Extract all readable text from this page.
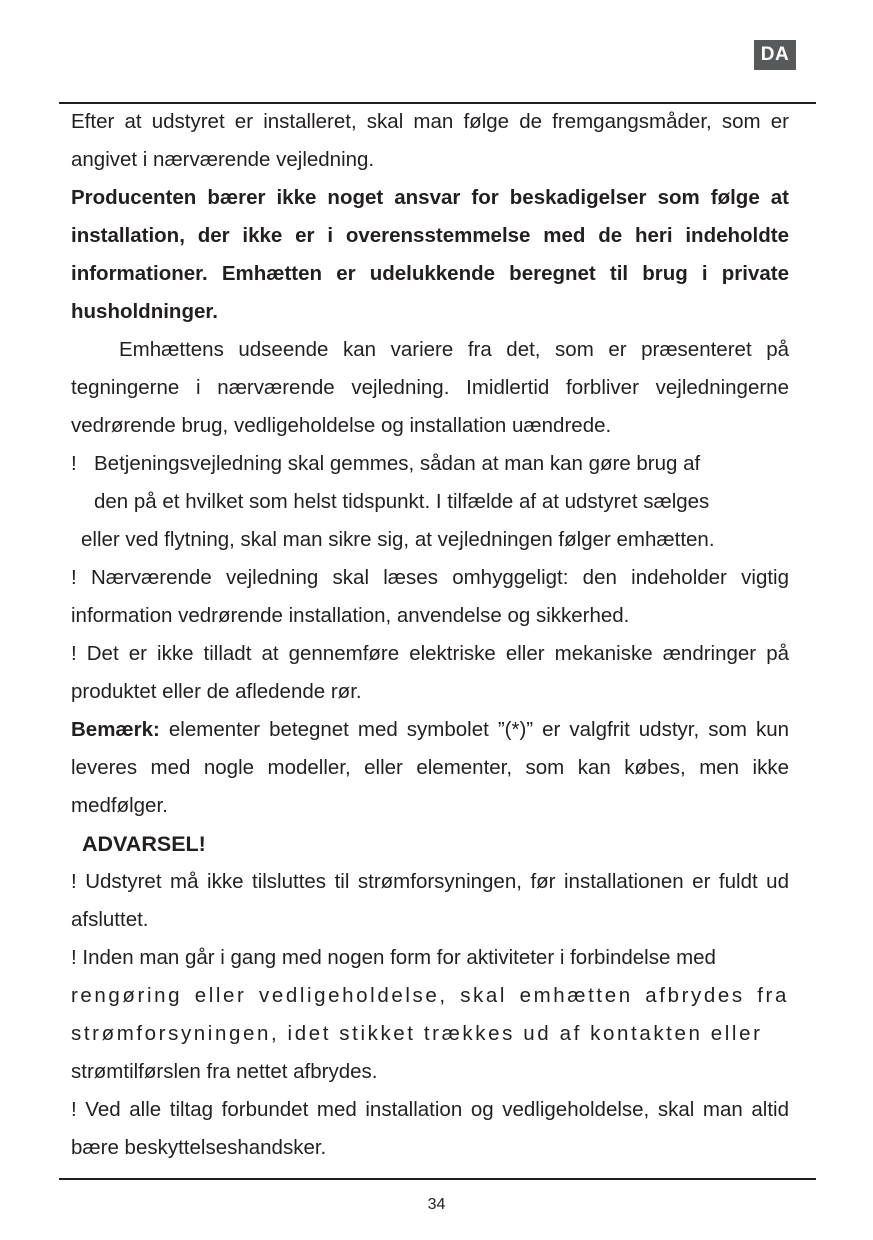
DA

Efter at udstyret er installeret, skal man følge de fremgangsmåder, som er angivet i nærværende vejledning.

Producenten bærer ikke noget ansvar for beskadigelser som følge at installation, der ikke er i overensstemmelse med de heri indeholdte informationer. Emhætten er udelukkende beregnet til brug i private husholdninger.

Emhættens udseende kan variere fra det, som er præsenteret på tegningerne i nærværende vejledning. Imidlertid forbliver vejledningerne vedrørende brug, vedligeholdelse og installation uændrede.

! Betjeningsvejledning skal gemmes, sådan at man kan gøre brug af

den på et hvilket som helst tidspunkt. I tilfælde af at udstyret sælges

eller ved flytning, skal man sikre sig, at vejledningen følger emhætten.

! Nærværende vejledning skal læses omhyggeligt: den indeholder vigtig information vedrørende installation, anvendelse og sikkerhed.

! Det er ikke tilladt at gennemføre elektriske eller mekaniske ændringer på produktet eller de afledende rør.

Bemærk: elementer betegnet med symbolet ”(*)” er valgfrit udstyr, som kun leveres med nogle modeller, eller elementer, som kan købes, men ikke medfølger.

ADVARSEL!

! Udstyret må ikke tilsluttes til strømforsyningen, før installationen er fuldt ud afsluttet.

! Inden man går i gang med nogen form for aktiviteter i forbindelse med

rengøring eller vedligeholdelse, skal emhætten afbrydes fra strømforsyningen, idet stikket trækkes ud af kontakten eller

strømtilførslen fra nettet afbrydes.

! Ved alle tiltag forbundet med installation og vedligeholdelse, skal man altid bære beskyttelseshandsker.

34
